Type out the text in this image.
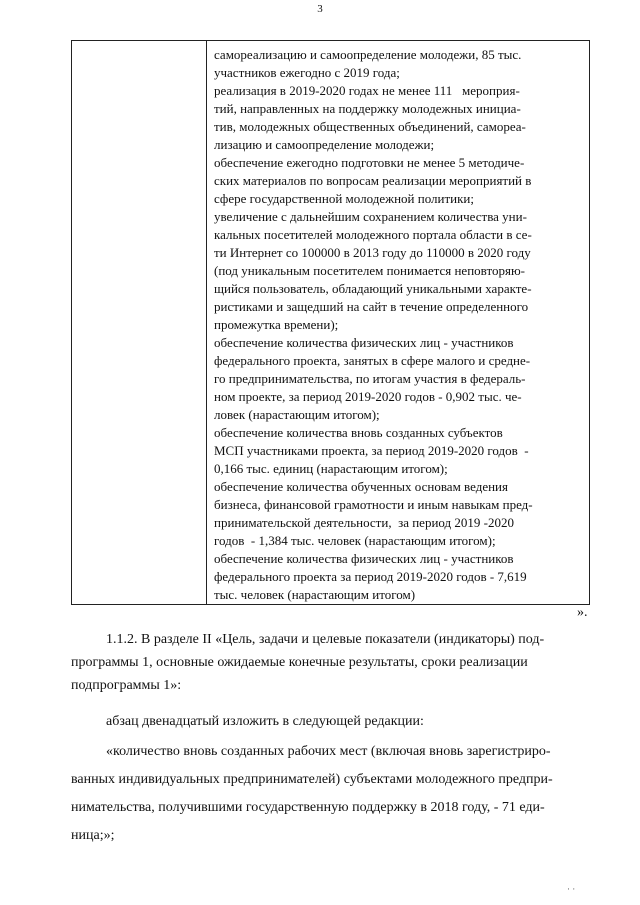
3
самореализацию и самоопределение молодежи, 85 тыс.
участников ежегодно с 2019 года;
реализация в 2019-2020 годах не менее 111   мероприя-
тий, направленных на поддержку молодежных инициа-
тив, молодежных общественных объединений, самореа-
лизацию и самоопределение молодежи;
обеспечение ежегодно подготовки не менее 5 методиче-
ских материалов по вопросам реализации мероприятий в
сфере государственной молодежной политики;
увеличение с дальнейшим сохранением количества уни-
кальных посетителей молодежного портала области в се-
ти Интернет со 100000 в 2013 году до 110000 в 2020 году
(под уникальным посетителем понимается неповторяю-
щийся пользователь, обладающий уникальными характе-
ристиками и защедший на сайт в течение определенного
промежутка времени);
обеспечение количества физических лиц - участников
федерального проекта, занятых в сфере малого и средне-
го предпринимательства, по итогам участия в федераль-
ном проекте, за период 2019-2020 годов - 0,902 тыс. че-
ловек (нарастающим итогом);
обеспечение количества вновь созданных субъектов
МСП участниками проекта, за период 2019-2020 годов  -
0,166 тыс. единиц (нарастающим итогом);
обеспечение количества обученных основам ведения
бизнеса, финансовой грамотности и иным навыкам пред-
принимательской деятельности,  за период 2019 -2020
годов  - 1,384 тыс. человек (нарастающим итогом);
обеспечение количества физических лиц - участников
федерального проекта за период 2019-2020 годов - 7,619
тыс. человек (нарастающим итогом)
».
1.1.2. В разделе II «Цель, задачи и целевые показатели (индикаторы) под-
программы 1, основные ожидаемые конечные результаты, сроки реализации
подпрограммы 1»:
абзац двенадцатый изложить в следующей редакции:
«количество вновь созданных рабочих мест (включая вновь зарегистриро-
ванных индивидуальных предпринимателей) субъектами молодежного предпри-
нимательства, получившими государственную поддержку в 2018 году, - 71 еди-
ница;»;
· ·
